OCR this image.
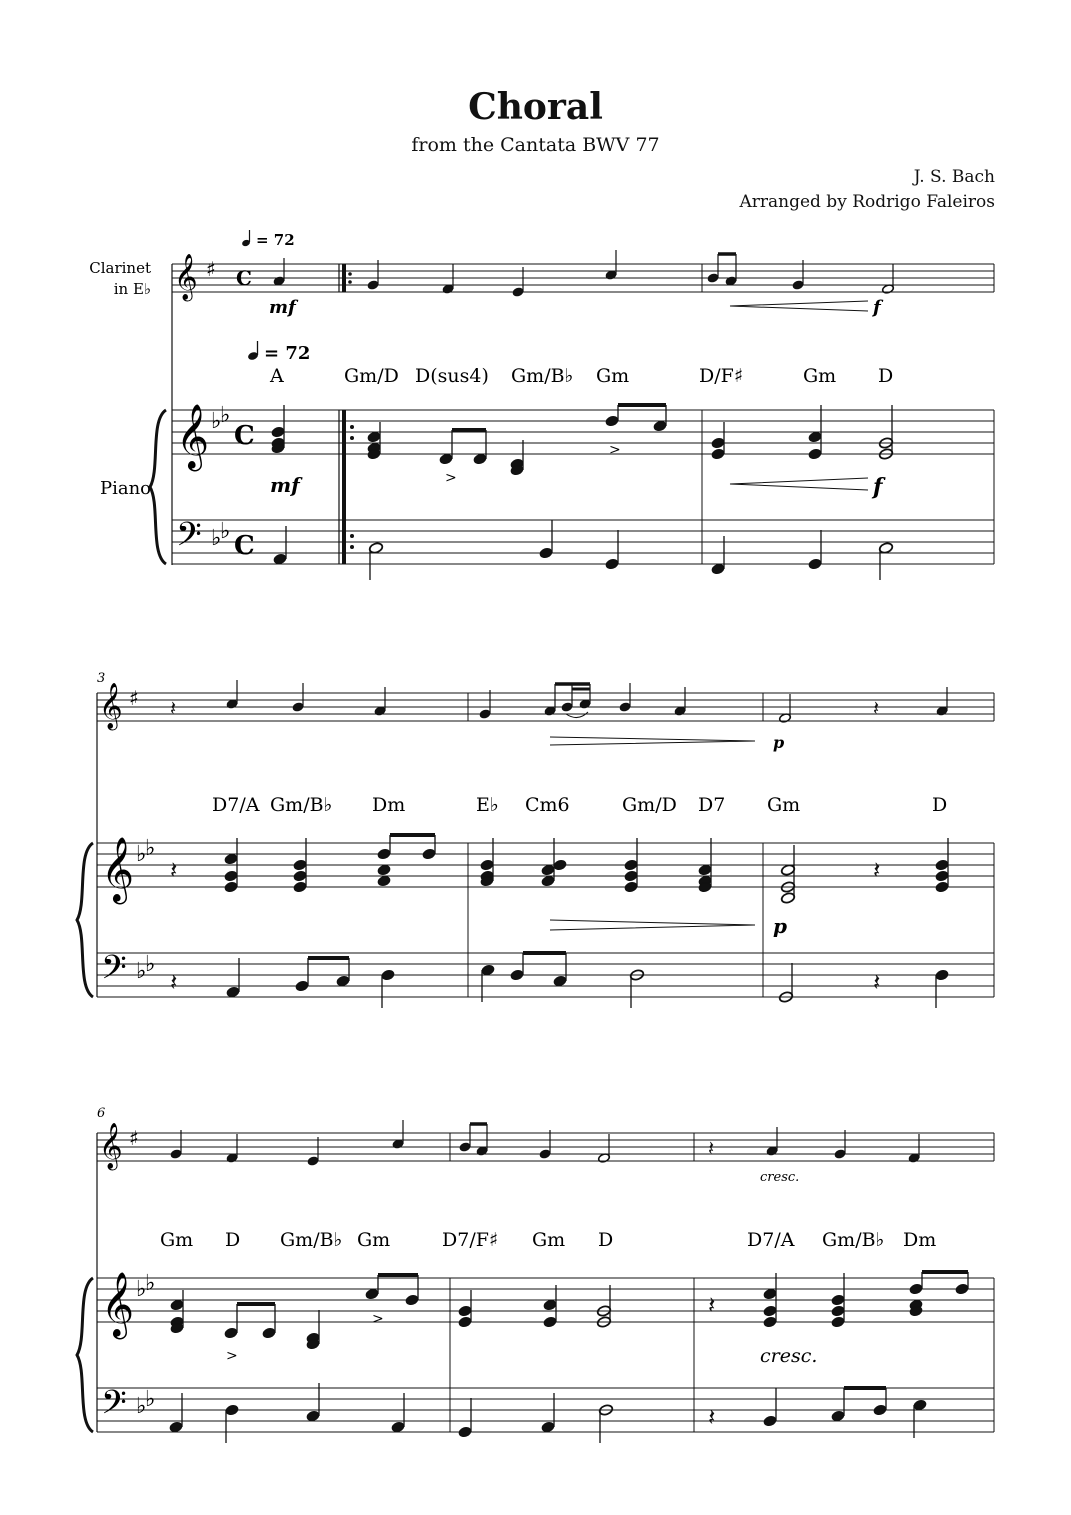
Choral
from the Cantata BWV 77
J. S. Bach
Arranged by Rodrigo Faleiros
Clarinet
in E♭
Piano
= 72
= 72
𝄞 ♯ C
mf	f
A	Gm/D D(sus4) Gm/B♭ Gm	D/F♯	Gm D
𝄞 ♭
♭
C
𝄢 ♭
♭ C
>
>
mf	f
3
𝄞 ♯ 𝄽	𝄽
p
D7/A Gm/B♭ Dm	E♭ Cm6	Gm/D D7 Gm	D
𝄞 ♭
♭
𝄢 ♭
♭
𝄽	𝄽
p
𝄽	𝄽
6
𝄞 ♯	𝄽
cresc.
Gm D Gm/B♭ Gm	D7/F♯ Gm D	D7/A Gm/B♭ Dm
𝄞 ♭
♭
𝄢 ♭
♭
𝄽
>
>
cresc.
𝄽
